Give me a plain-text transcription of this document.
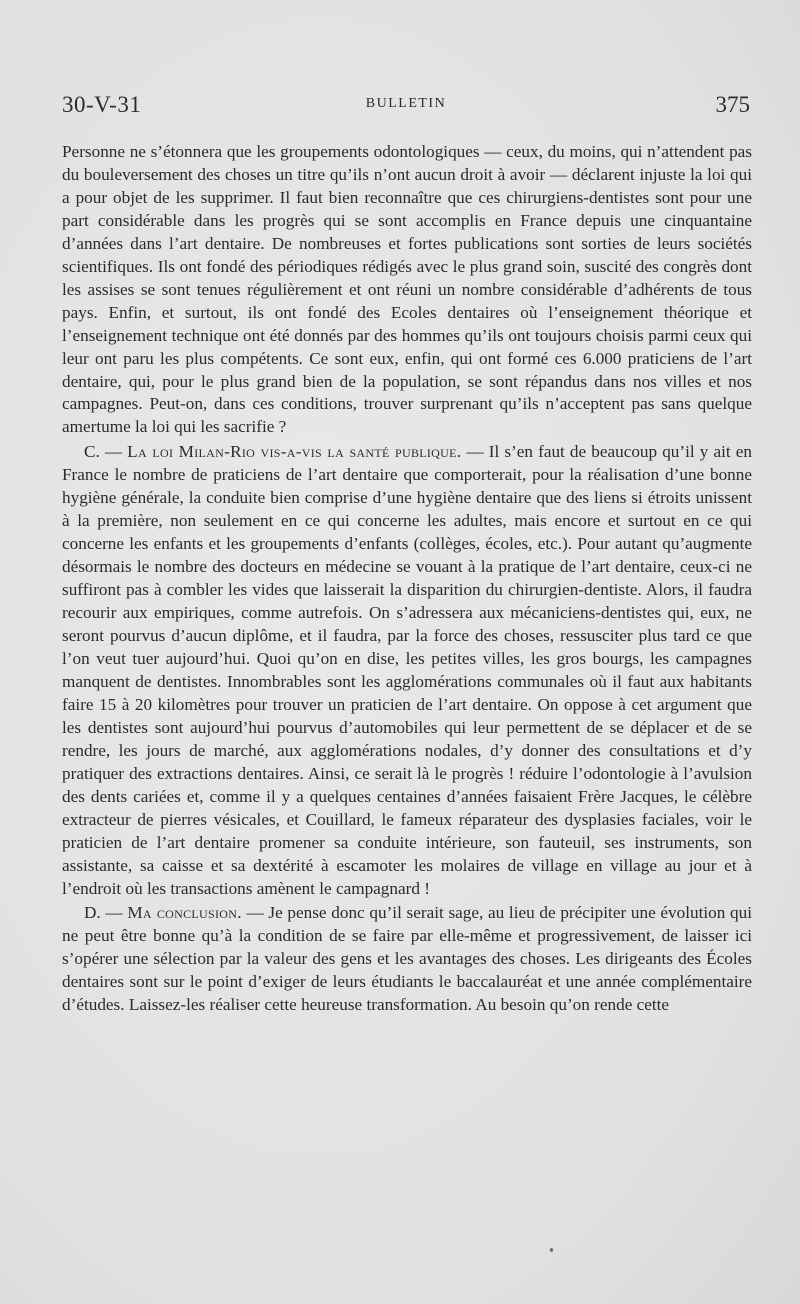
30-V-31	BULLETIN	375

Personne ne s’étonnera que les groupements odontologiques — ceux, du moins, qui n’attendent pas du bouleversement des choses un titre qu’ils n’ont aucun droit à avoir — déclarent injuste la loi qui a pour objet de les supprimer. Il faut bien reconnaître que ces chirurgiens-dentistes sont pour une part considérable dans les progrès qui se sont accomplis en France depuis une cinquantaine d’années dans l’art dentaire. De nombreuses et fortes publications sont sorties de leurs sociétés scientifiques. Ils ont fondé des périodiques rédigés avec le plus grand soin, suscité des congrès dont les assises se sont tenues régulièrement et ont réuni un nombre considérable d’adhérents de tous pays. Enfin, et surtout, ils ont fondé des Ecoles dentaires où l’enseignement théorique et l’enseignement technique ont été donnés par des hommes qu’ils ont toujours choisis parmi ceux qui leur ont paru les plus compétents. Ce sont eux, enfin, qui ont formé ces 6.000 praticiens de l’art dentaire, qui, pour le plus grand bien de la population, se sont répandus dans nos villes et nos campagnes. Peut-on, dans ces conditions, trouver surprenant qu’ils n’acceptent pas sans quelque amertume la loi qui les sacrifie ?

C. — La loi Milan-Rio vis-a-vis la santé publique. — Il s’en faut de beaucoup qu’il y ait en France le nombre de praticiens de l’art dentaire que comporterait, pour la réalisation d’une bonne hygiène générale, la conduite bien comprise d’une hygiène dentaire que des liens si étroits unissent à la première, non seulement en ce qui concerne les adultes, mais encore et surtout en ce qui concerne les enfants et les groupements d’enfants (collèges, écoles, etc.). Pour autant qu’augmente désormais le nombre des docteurs en médecine se vouant à la pratique de l’art dentaire, ceux-ci ne suffiront pas à combler les vides que laisserait la disparition du chirurgien-dentiste. Alors, il faudra recourir aux empiriques, comme autrefois. On s’adressera aux mécaniciens-dentistes qui, eux, ne seront pourvus d’aucun diplôme, et il faudra, par la force des choses, ressusciter plus tard ce que l’on veut tuer aujourd’hui. Quoi qu’on en dise, les petites villes, les gros bourgs, les campagnes manquent de dentistes. Innombrables sont les agglomérations communales où il faut aux habitants faire 15 à 20 kilomètres pour trouver un praticien de l’art dentaire. On oppose à cet argument que les dentistes sont aujourd’hui pourvus d’automobiles qui leur permettent de se déplacer et de se rendre, les jours de marché, aux agglomérations nodales, d’y donner des consultations et d’y pratiquer des extractions dentaires. Ainsi, ce serait là le progrès ! réduire l’odontologie à l’avulsion des dents cariées et, comme il y a quelques centaines d’années faisaient Frère Jacques, le célèbre extracteur de pierres vésicales, et Couillard, le fameux réparateur des dysplasies faciales, voir le praticien de l’art dentaire promener sa conduite intérieure, son fauteuil, ses instruments, son assistante, sa caisse et sa dextérité à escamoter les molaires de village en village au jour et à l’endroit où les transactions amènent le campagnard !

D. — Ma conclusion. — Je pense donc qu’il serait sage, au lieu de précipiter une évolution qui ne peut être bonne qu’à la condition de se faire par elle-même et progressivement, de laisser ici s’opérer une sélection par la valeur des gens et les avantages des choses. Les dirigeants des Écoles dentaires sont sur le point d’exiger de leurs étudiants le baccalauréat et une année complémentaire d’études. Laissez-les réaliser cette heureuse transformation. Au besoin qu’on rende cette
